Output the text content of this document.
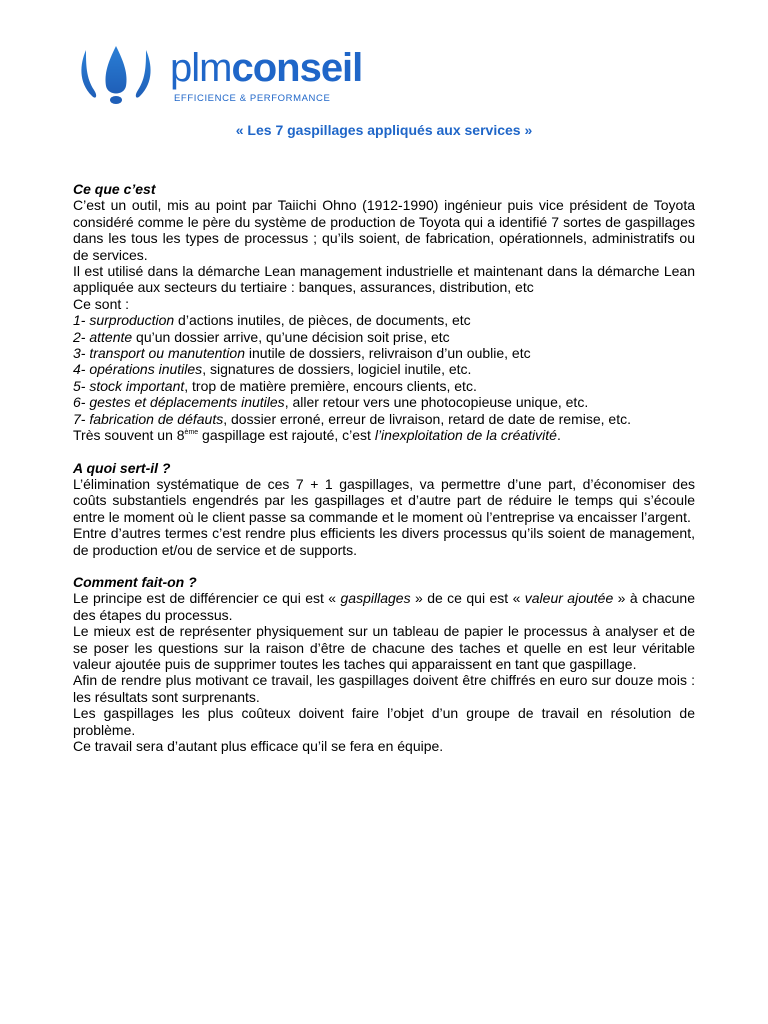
plmconseil
EFFICIENCE & PERFORMANCE
« Les 7 gaspillages appliqués aux services »

Ce que c’est

C’est un outil, mis au point par Taiichi Ohno (1912-1990) ingénieur puis vice président de Toyota considéré comme le père du système de production de Toyota qui a identifié 7 sortes de gaspillages dans les tous les types de processus ; qu’ils soient, de fabrication, opérationnels, administratifs ou de services.

Il est utilisé dans la démarche Lean management industrielle et maintenant dans la démarche Lean appliquée aux secteurs du tertiaire : banques, assurances, distribution, etc

Ce sont :

1- surproduction d’actions inutiles, de pièces, de documents, etc

2- attente qu’un dossier arrive, qu’une décision soit prise, etc

3- transport ou manutention inutile de dossiers, relivraison d’un oublie, etc

4- opérations inutiles, signatures de dossiers, logiciel inutile, etc.

5- stock important, trop de matière première, encours clients, etc.

6- gestes et déplacements inutiles, aller retour vers une photocopieuse unique, etc.

7- fabrication de défauts, dossier erroné, erreur de livraison, retard de date de remise, etc.

Très souvent un 8ème gaspillage est rajouté, c’est l’inexploitation de la créativité.

A quoi sert-il ?

L’élimination systématique de ces 7 + 1 gaspillages, va permettre d’une part, d’économiser des coûts substantiels engendrés par les gaspillages et d’autre part de réduire le temps qui s’écoule entre le moment où le client passe sa commande et le moment où l’entreprise va encaisser l’argent.

Entre d’autres termes c’est rendre plus efficients les divers processus qu’ils soient de management, de production et/ou de service et de supports.

Comment fait-on ?

Le principe est de différencier ce qui est « gaspillages » de ce qui est « valeur ajoutée » à chacune des étapes du processus.

Le mieux est de représenter physiquement sur un tableau de papier le processus à analyser et de se poser les questions sur la raison d’être de chacune des taches et quelle en est leur véritable valeur ajoutée puis de supprimer toutes les taches qui apparaissent en tant que gaspillage.

Afin de rendre plus motivant ce travail, les gaspillages doivent être chiffrés en euro sur douze mois : les résultats sont surprenants.

Les gaspillages les plus coûteux doivent faire l’objet d’un groupe de travail en résolution de problème.

Ce travail sera d’autant plus efficace qu’il se fera en équipe.
